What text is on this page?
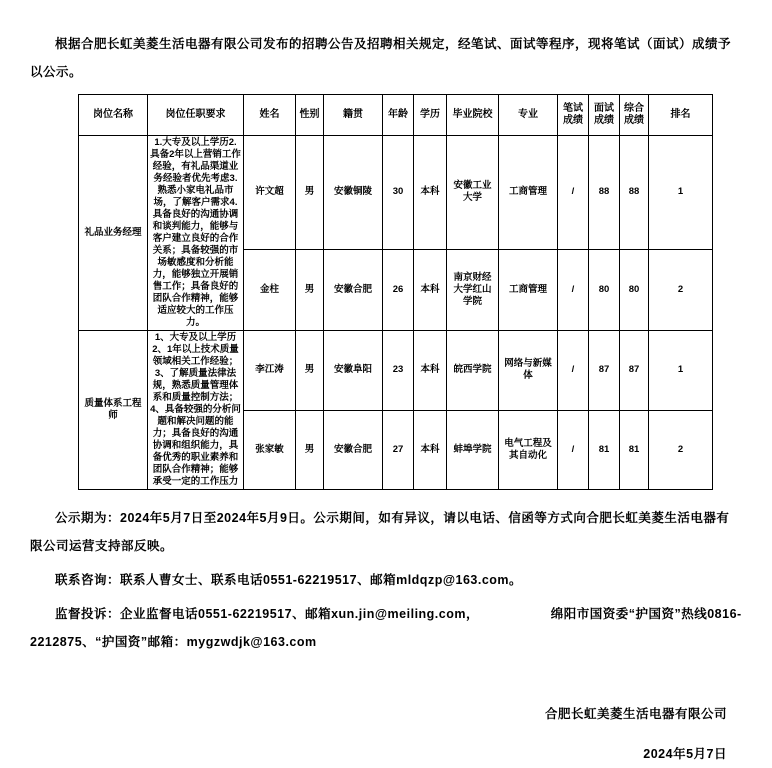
根据合肥长虹美菱生活电器有限公司发布的招聘公告及招聘相关规定，经笔试、面试等程序，现将笔试（面试）成绩予以公示。

岗位名称	岗位任职要求	姓名	性别	籍贯	年龄	学历	毕业院校	专业	笔试成绩	面试成绩	综合成绩	排名
礼品业务经理	1.大专及以上学历2.具备2年以上营销工作经验，有礼品渠道业务经验者优先考虑3.熟悉小家电礼品市场，了解客户需求4.具备良好的沟通协调和谈判能力，能够与客户建立良好的合作关系；具备较强的市场敏感度和分析能力，能够独立开展销售工作；具备良好的团队合作精神，能够适应较大的工作压力。	许文超	男	安徽铜陵	30	本科	安徽工业大学	工商管理	/	88	88	1
		金柱	男	安徽合肥	26	本科	南京财经大学红山学院	工商管理	/	80	80	2
质量体系工程师	1、大专及以上学历2、1年以上技术质量领域相关工作经验；3、了解质量法律法规，熟悉质量管理体系和质量控制方法；4、具备较强的分析问题和解决问题的能力；具备良好的沟通协调和组织能力，具备优秀的职业素养和团队合作精神；能够承受一定的工作压力	李江涛	男	安徽阜阳	23	本科	皖西学院	网络与新媒体	/	87	87	1
		张家敏	男	安徽合肥	27	本科	蚌埠学院	电气工程及其自动化	/	81	81	2

公示期为：2024年5月7日至2024年5月9日。公示期间，如有异议，请以电话、信函等方式向合肥长虹美菱生活电器有限公司运营支持部反映。

联系咨询：联系人曹女士、联系电话0551-62219517、邮箱mldqzp@163.com。

监督投诉：企业监督电话0551-62219517、邮箱xun.jin@meiling.com，　　　　　　绵阳市国资委“护国资”热线0816-2212875、“护国资”邮箱：mygzwdjk@163.com

合肥长虹美菱生活电器有限公司
2024年5月7日
